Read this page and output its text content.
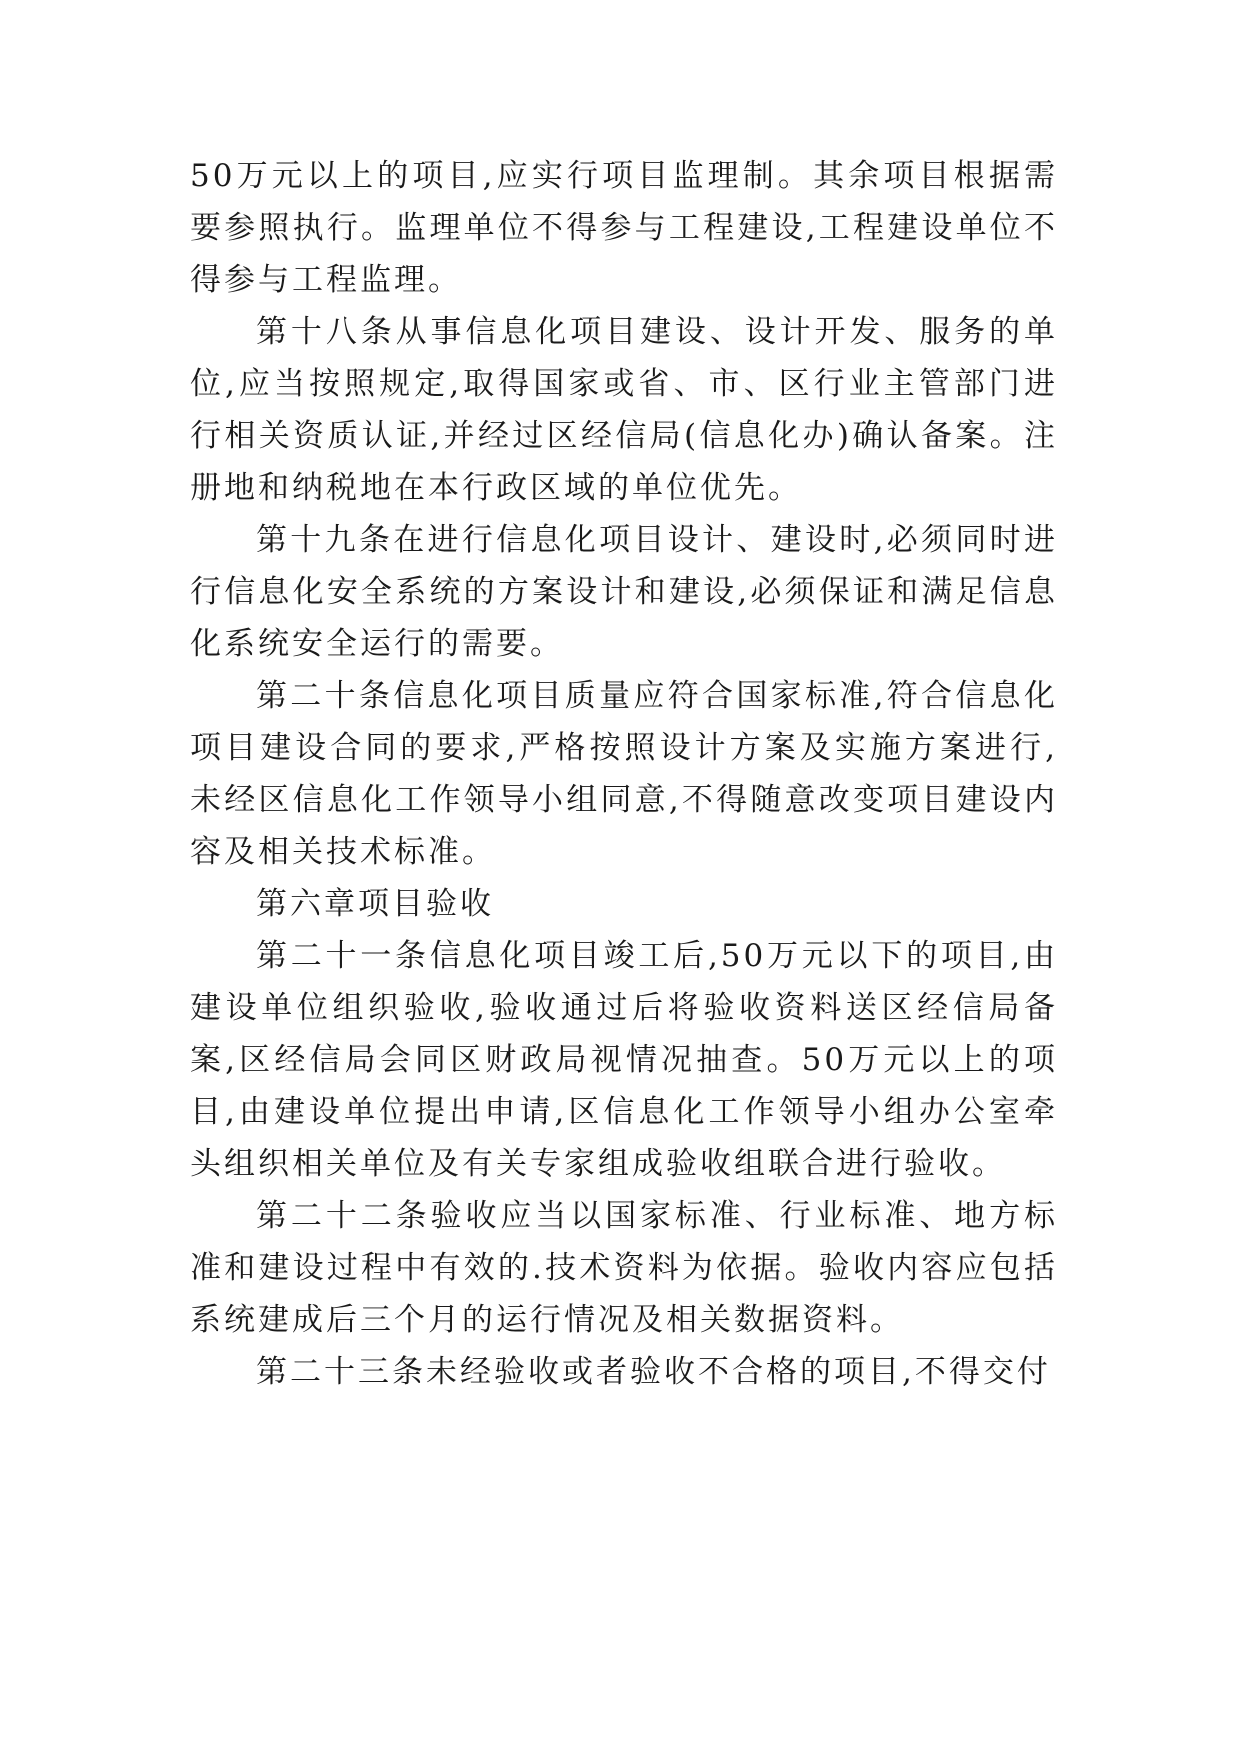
50万元以上的项目,应实行项目监理制。其余项目根据需要参照执行。监理单位不得参与工程建设,工程建设单位不得参与工程监理。

第十八条从事信息化项目建设、设计开发、服务的单位,应当按照规定,取得国家或省、市、区行业主管部门进行相关资质认证,并经过区经信局(信息化办)确认备案。注册地和纳税地在本行政区域的单位优先。

第十九条在进行信息化项目设计、建设时,必须同时进行信息化安全系统的方案设计和建设,必须保证和满足信息化系统安全运行的需要。

第二十条信息化项目质量应符合国家标准,符合信息化项目建设合同的要求,严格按照设计方案及实施方案进行,未经区信息化工作领导小组同意,不得随意改变项目建设内容及相关技术标准。

第六章项目验收

第二十一条信息化项目竣工后,50万元以下的项目,由建设单位组织验收,验收通过后将验收资料送区经信局备案,区经信局会同区财政局视情况抽查。50万元以上的项目,由建设单位提出申请,区信息化工作领导小组办公室牵头组织相关单位及有关专家组成验收组联合进行验收。

第二十二条验收应当以国家标准、行业标准、地方标准和建设过程中有效的.技术资料为依据。验收内容应包括系统建成后三个月的运行情况及相关数据资料。

第二十三条未经验收或者验收不合格的项目,不得交付
